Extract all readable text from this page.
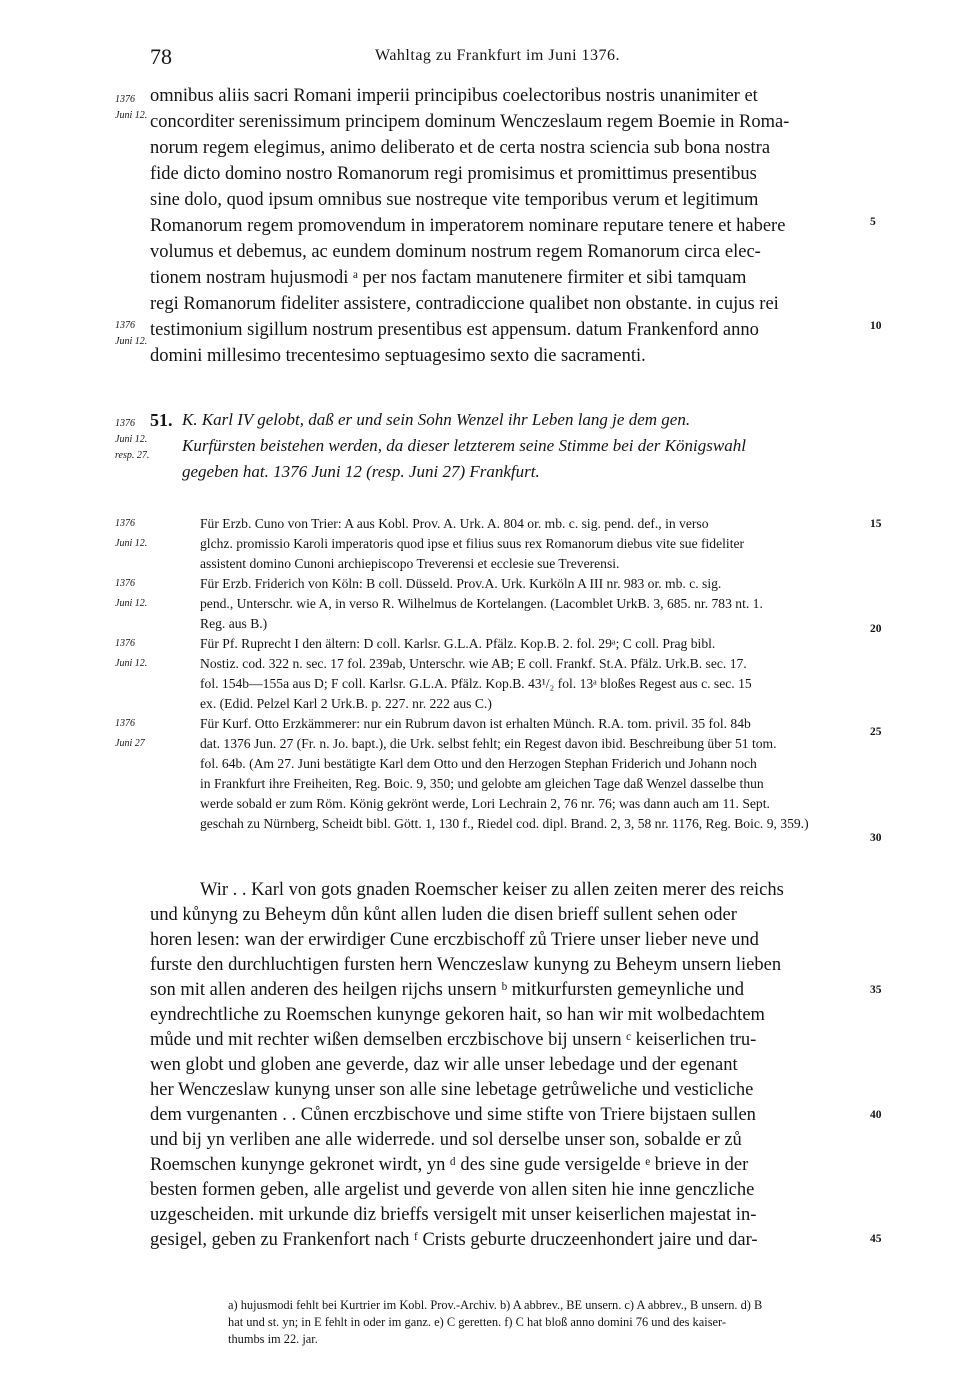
78	Wahltag zu Frankfurt im Juni 1376.
omnibus aliis sacri Romani imperii principibus coelectoribus nostris unanimiter et
concorditer serenissimum principem dominum Wenczeslaum regem Boemie in Roma-
norum regem elegimus, animo deliberato et de certa nostra sciencia sub bona nostra
fide dicto domino nostro Romanorum regi promisimus et promittimus presentibus
sine dolo, quod ipsum omnibus sue nostreque vite temporibus verum et legitimum
Romanorum regem promovendum in imperatorem nominare reputare tenere et habere
volumus et debemus, ac eundem dominum nostrum regem Romanorum circa elec-
tionem nostram hujusmodi ᵃ per nos factam manutenere firmiter et sibi tamquam
regi Romanorum fideliter assistere, contradiccione qualibet non obstante. in cujus rei
testimonium sigillum nostrum presentibus est appensum. datum Frankenford anno
domini millesimo trecentesimo septuagesimo sexto die sacramenti.
1376
Juni 12.
1376
Juni 12.
51. K. Karl IV gelobt, daß er und sein Sohn Wenzel ihr Leben lang je dem gen.
Kurfürsten beistehen werden, da dieser letzterem seine Stimme bei der Königswahl
gegeben hat. 1376 Juni 12 (resp. Juni 27) Frankfurt.
1376
Juni 12.
resp. 27.
Für Erzb. Cuno von Trier: A aus Kobl. Prov. A. Urk. A. 804 or. mb. c. sig. pend. def., in verso
glchz. promissio Karoli imperatoris quod ipse et filius suus rex Romanorum diebus vite sue fideliter
assistent domino Cunoni archiepiscopo Treverensi et ecclesie sue Treverensi.
Für Erzb. Friderich von Köln: B coll. Düsseld. Prov.A. Urk. Kurköln A III nr. 983 or. mb. c. sig.
pend., Unterschr. wie A, in verso R. Wilhelmus de Kortelangen. (Lacomblet UrkB. 3, 685. nr. 783 nt. 1.
Reg. aus B.)
Für Pf. Ruprecht I den ältern: D coll. Karlsr. G.L.A. Pfälz. Kop.B. 2. fol. 29ᵃ; C coll. Prag bibl.
Nostiz. cod. 322 n. sec. 17 fol. 239ab, Unterschr. wie AB; E coll. Frankf. St.A. Pfälz. Urk.B. sec. 17.
fol. 154b—155a aus D; F coll. Karlsr. G.L.A. Pfälz. Kop.B. 43¹/₂ fol. 13ᵃ bloßes Regest aus c. sec. 15
ex. (Edid. Pelzel Karl 2 Urk.B. p. 227. nr. 222 aus C.)
Für Kurf. Otto Erzkämmerer: nur ein Rubrum davon ist erhalten Münch. R.A. tom. privil. 35 fol. 84b
dat. 1376 Jun. 27 (Fr. n. Jo. bapt.), die Urk. selbst fehlt; ein Regest davon ibid. Beschreibung über 51 tom.
fol. 64b. (Am 27. Juni bestätigte Karl dem Otto und den Herzogen Stephan Friderich und Johann noch
in Frankfurt ihre Freiheiten, Reg. Boic. 9, 350; und gelobte am gleichen Tage daß Wenzel dasselbe thun
werde sobald er zum Röm. König gekrönt werde, Lori Lechrain 2, 76 nr. 76; was dann auch am 11. Sept.
geschah zu Nürnberg, Scheidt bibl. Gött. 1, 130 f., Riedel cod. dipl. Brand. 2, 3, 58 nr. 1176, Reg. Boic. 9, 359.)
1376
Juni 12.
1376
Juni 12.
1376
Juni 12.
1376
Juni 27
Wir . . Karl von gots gnaden Roemscher keiser zu allen zeiten merer des reichs
und kůnyng zu Beheym důn kůnt allen luden die disen brieff sullent sehen oder
horen lesen: wan der erwirdiger Cune erczbischoff zů Triere unser lieber neve und
furste den durchluchtigen fursten hern Wenczeslaw kunyng zu Beheym unsern lieben
son mit allen anderen des heilgen rijchs unsern ᵇ mitkurfursten gemeynliche und
eyndrechtliche zu Roemschen kunynge gekoren hait, so han wir mit wolbedachtem
můde und mit rechter wißen demselben erczbischove bij unsern ᶜ keiserlichen tru-
wen globt und globen ane geverde, daz wir alle unser lebedage und der egenant
her Wenczeslaw kunyng unser son alle sine lebetage getrůweliche und vesticliche
dem vurgenanten . . Cůnen erczbischove und sime stifte von Triere bijstaen sullen
und bij yn verliben ane alle widerrede. und sol derselbe unser son, sobalde er zů
Roemschen kunynge gekronet wirdt, yn ᵈ des sine gude versigelde ᵉ brieve in der
besten formen geben, alle argelist und geverde von allen siten hie inne genczliche
uzgescheiden. mit urkunde diz brieffs versigelt mit unser keiserlichen majestat in-
gesigel, geben zu Frankenfort nach ᶠ Crists geburte druczeenhondert jaire und dar-
a) hujusmodi fehlt bei Kurtrier im Kobl. Prov.-Archiv. b) A abbrev., BE unsern. c) A abbrev., B unsern. d) B
hat und st. yn; in E fehlt in oder im ganz. e) C geretten. f) C hat bloß anno domini 76 und des kaiser-
thumbs im 22. jar.
5
10
15
20
25
30
35
40
45
